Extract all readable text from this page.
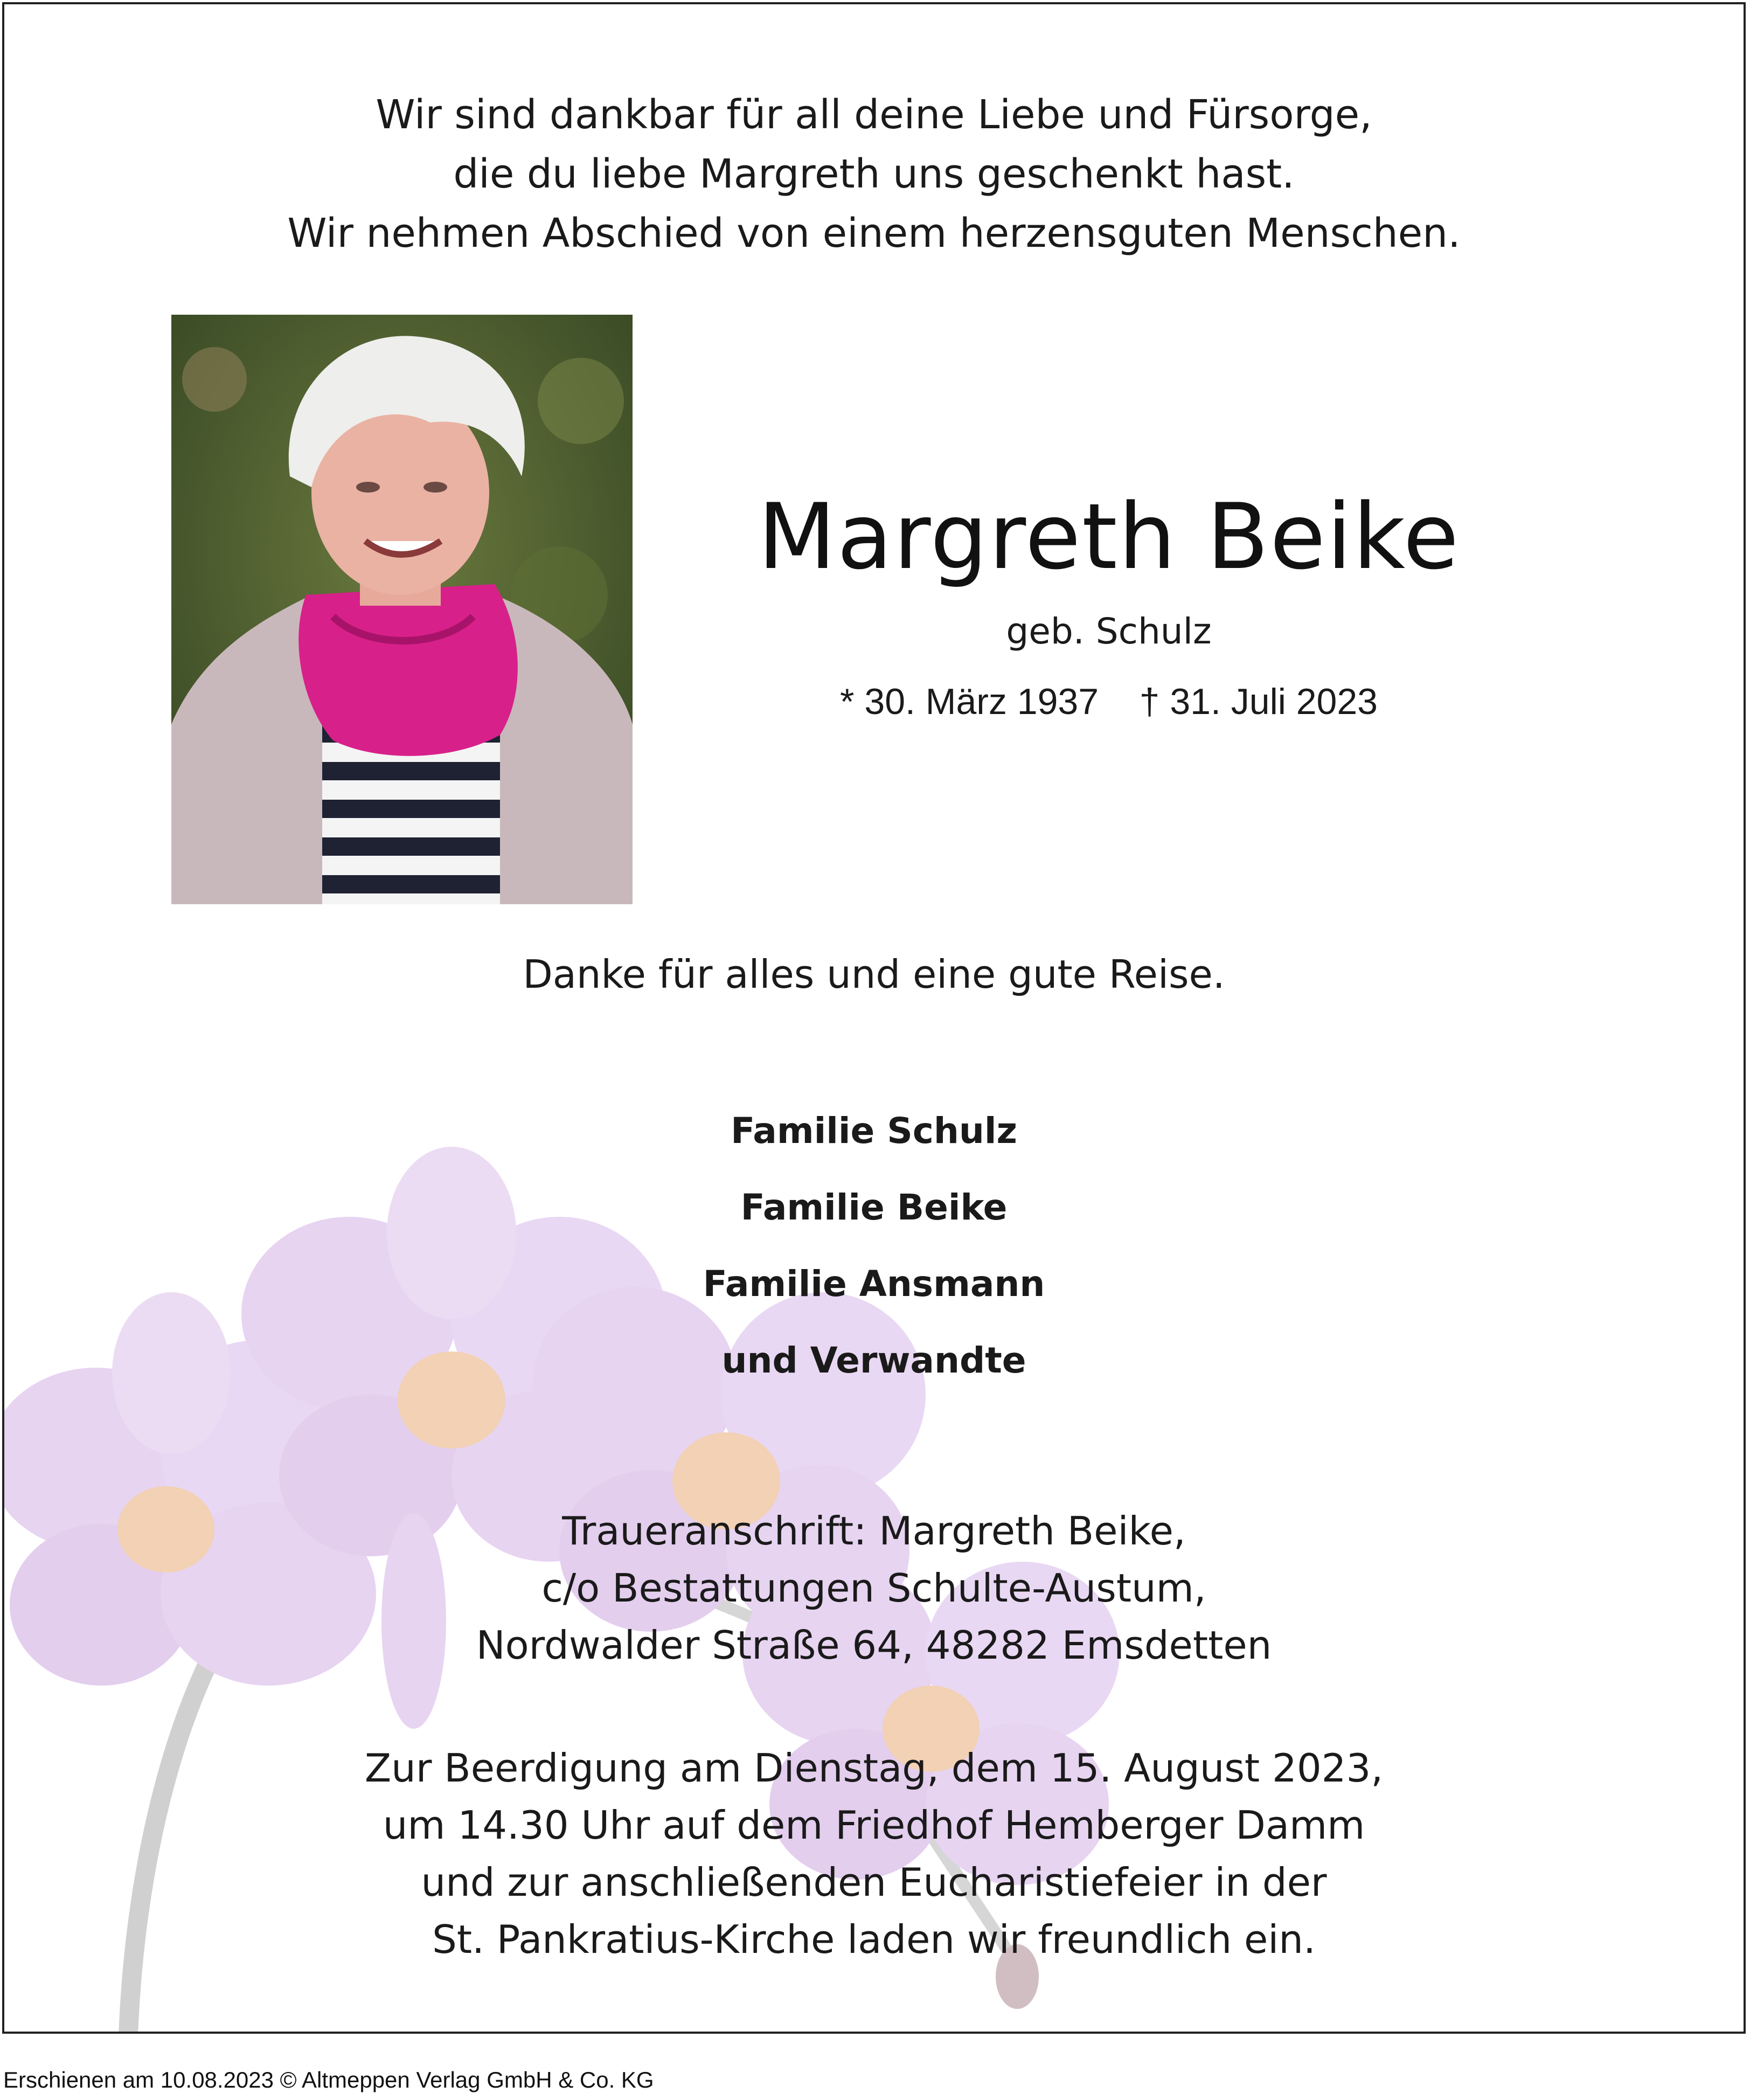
Wir sind dankbar für all deine Liebe und Fürsorge,
die du liebe Margreth uns geschenkt hast.
Wir nehmen Abschied von einem herzensguten Menschen.
Margreth Beike
geb. Schulz
* 30. März 1937    † 31. Juli 2023
Danke für alles und eine gute Reise.
Familie Schulz
Familie Beike
Familie Ansmann
und Verwandte
Traueranschrift: Margreth Beike,
c/o Bestattungen Schulte-Austum,
Nordwalder Straße 64, 48282 Emsdetten
Zur Beerdigung am Dienstag, dem 15. August 2023,
um 14.30 Uhr auf dem Friedhof Hemberger Damm
und zur anschließenden Eucharistiefeier in der
St. Pankratius-Kirche laden wir freundlich ein.
Erschienen am 10.08.2023 © Altmeppen Verlag GmbH & Co. KG
